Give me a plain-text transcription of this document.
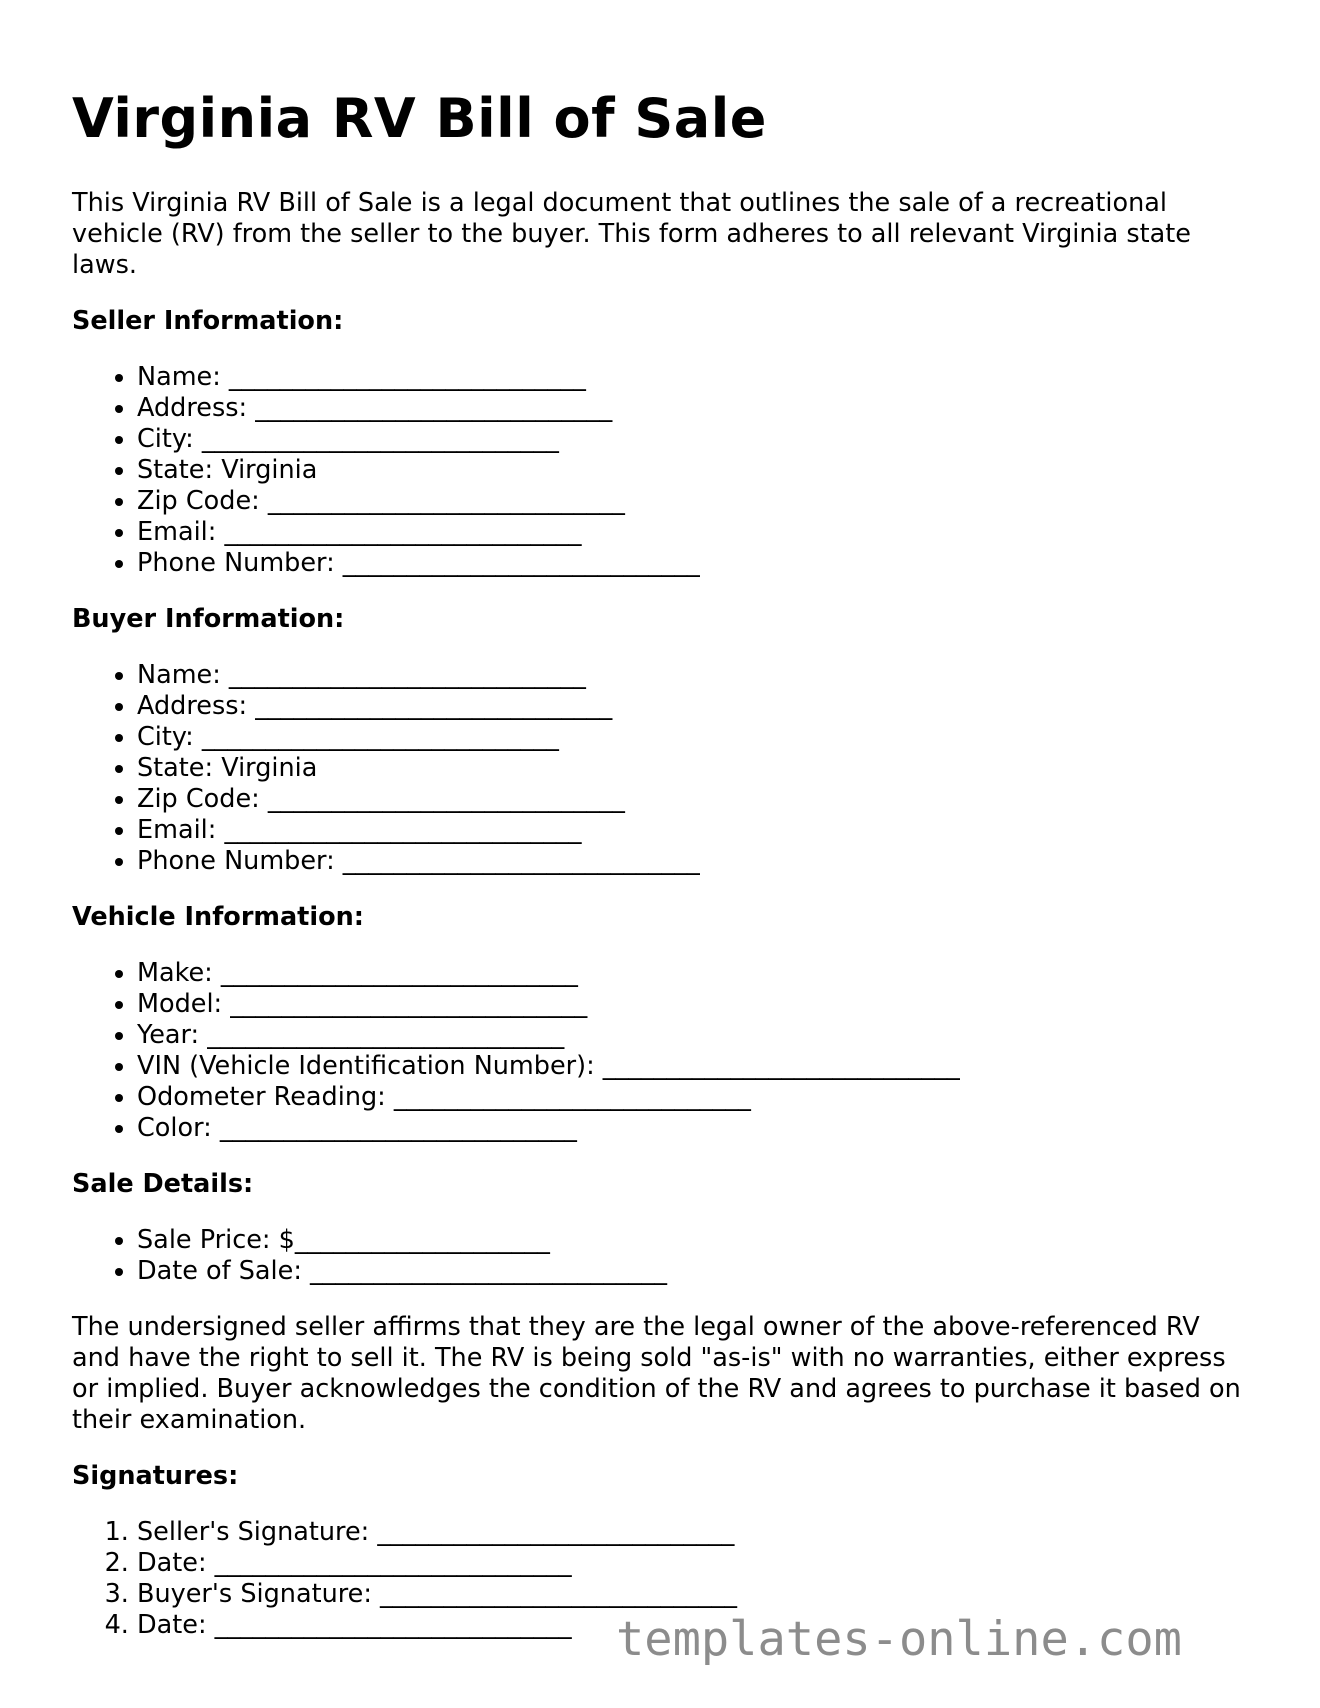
Virginia RV Bill of Sale

This Virginia RV Bill of Sale is a legal document that outlines the sale of a recreational vehicle (RV) from the seller to the buyer. This form adheres to all relevant Virginia state laws.

Seller Information:
• Name: ____________________________
• Address: ____________________________
• City: ____________________________
• State: Virginia
• Zip Code: ____________________________
• Email: ____________________________
• Phone Number: ____________________________
Buyer Information:
• Name: ____________________________
• Address: ____________________________
• City: ____________________________
• State: Virginia
• Zip Code: ____________________________
• Email: ____________________________
• Phone Number: ____________________________
Vehicle Information:
• Make: ____________________________
• Model: ____________________________
• Year: ____________________________
• VIN (Vehicle Identification Number): ____________________________
• Odometer Reading: ____________________________
• Color: ____________________________
Sale Details:
• Sale Price: $____________________
• Date of Sale: ____________________________

The undersigned seller affirms that they are the legal owner of the above-referenced RV and have the right to sell it. The RV is being sold "as-is" with no warranties, either express or implied. Buyer acknowledges the condition of the RV and agrees to purchase it based on their examination.

Signatures:
1. Seller's Signature: ____________________________
2. Date: ____________________________
3. Buyer's Signature: ____________________________
4. Date: ____________________________ templates-online.com
